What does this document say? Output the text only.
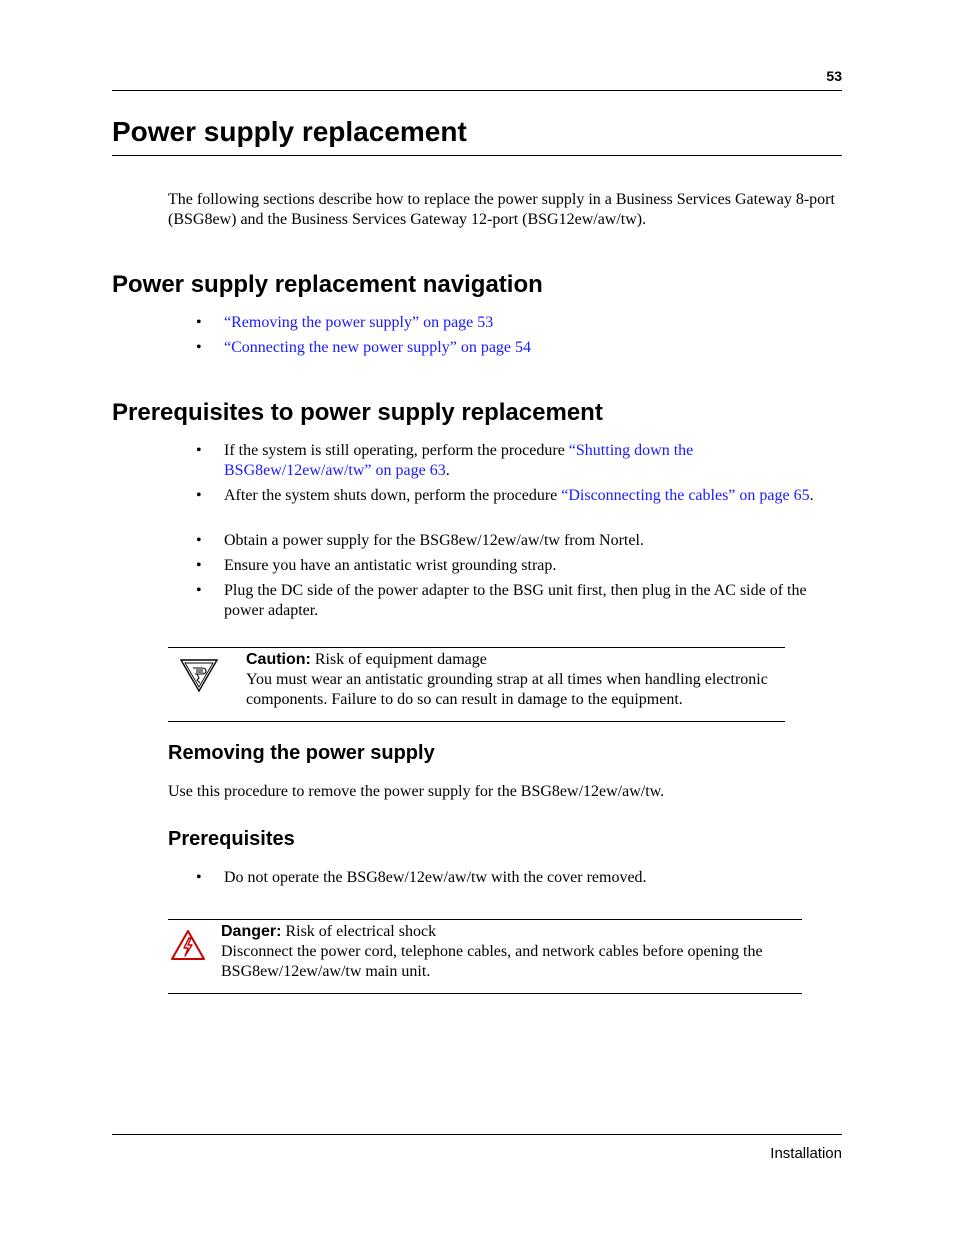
53
Power supply replacement
The following sections describe how to replace the power supply in a Business Services Gateway 8-port (BSG8ew) and the Business Services Gateway 12-port (BSG12ew/aw/tw).
Power supply replacement navigation
• “Removing the power supply” on page 53
• “Connecting the new power supply” on page 54
Prerequisites to power supply replacement
• If the system is still operating, perform the procedure “Shutting down the BSG8ew/12ew/aw/tw” on page 63.
• After the system shuts down, perform the procedure “Disconnecting the cables” on page 65.
• Obtain a power supply for the BSG8ew/12ew/aw/tw from Nortel.
• Ensure you have an antistatic wrist grounding strap.
• Plug the DC side of the power adapter to the BSG unit first, then plug in the AC side of the power adapter.
Caution: Risk of equipment damage
You must wear an antistatic grounding strap at all times when handling electronic components. Failure to do so can result in damage to the equipment.
Removing the power supply
Use this procedure to remove the power supply for the BSG8ew/12ew/aw/tw.
Prerequisites
• Do not operate the BSG8ew/12ew/aw/tw with the cover removed.
Danger: Risk of electrical shock
Disconnect the power cord, telephone cables, and network cables before opening the BSG8ew/12ew/aw/tw main unit.
Installation
